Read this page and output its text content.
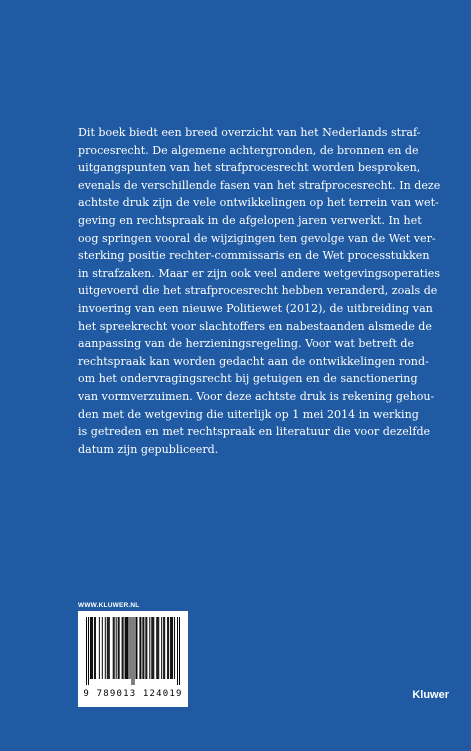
Dit boek biedt een breed overzicht van het Nederlands straf-
procesrecht. De algemene achtergronden, de bronnen en de
uitgangspunten van het strafprocesrecht worden besproken,
evenals de verschillende fasen van het strafprocesrecht. In deze
achtste druk zijn de vele ontwikkelingen op het terrein van wet-
geving en rechtspraak in de afgelopen jaren verwerkt. In het
oog springen vooral de wijzigingen ten gevolge van de Wet ver-
sterking positie rechter-commissaris en de Wet processtukken
in strafzaken. Maar er zijn ook veel andere wetgevingsoperaties
uitgevoerd die het strafprocesrecht hebben veranderd, zoals de
invoering van een nieuwe Politiewet (2012), de uitbreiding van
het spreekrecht voor slachtoffers en nabestaanden alsmede de
aanpassing van de herzieningsregeling. Voor wat betreft de
rechtspraak kan worden gedacht aan de ontwikkelingen rond-
om het ondervragingsrecht bij getuigen en de sanctionering
van vormverzuimen. Voor deze achtste druk is rekening gehou-
den met de wetgeving die uiterlijk op 1 mei 2014 in werking
is getreden en met rechtspraak en literatuur die voor dezelfde
datum zijn gepubliceerd.
WWW.KLUWER.NL
9 789013 124019	Kluwer
